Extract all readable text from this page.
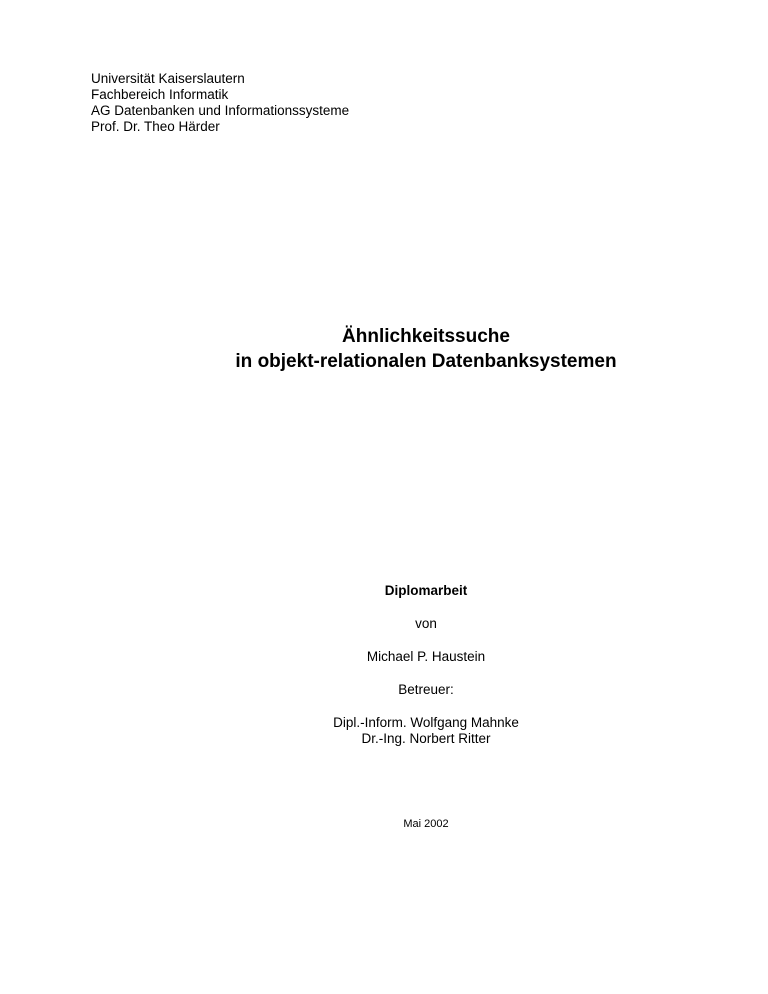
Universität Kaiserslautern
Fachbereich Informatik
AG Datenbanken und Informationssysteme
Prof. Dr. Theo Härder
Ähnlichkeitssuche
in objekt-relationalen Datenbanksystemen
Diplomarbeit
von
Michael P. Haustein
Betreuer:
Dipl.-Inform. Wolfgang Mahnke
Dr.-Ing. Norbert Ritter
Mai 2002
